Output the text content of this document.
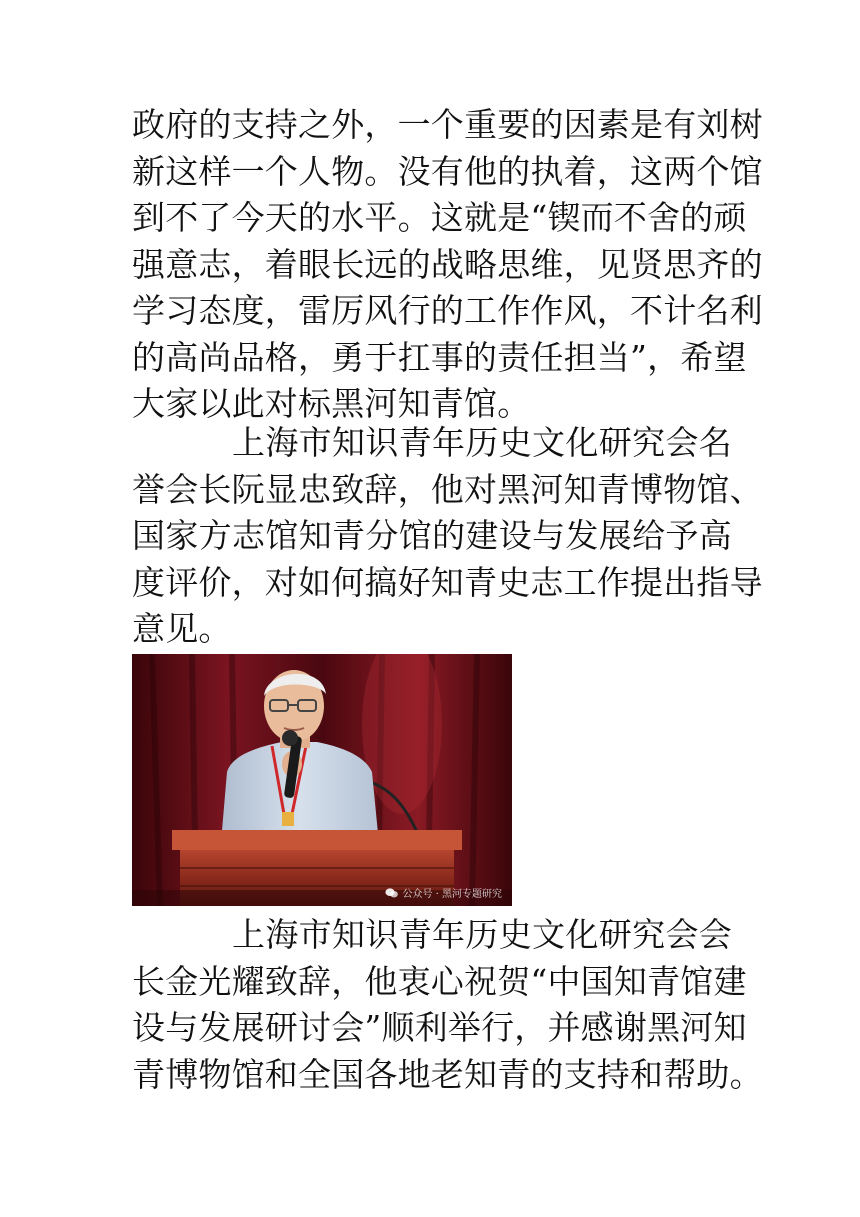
政府的支持之外，一个重要的因素是有刘树
新这样一个人物。没有他的执着，这两个馆
到不了今天的水平。这就是“锲而不舍的顽
强意志，着眼长远的战略思维，见贤思齐的
学习态度，雷厉风行的工作作风，不计名利
的高尚品格，勇于扛事的责任担当”，希望
大家以此对标黑河知青馆。

上海市知识青年历史文化研究会名
誉会长阮显忠致辞，他对黑河知青博物馆、
国家方志馆知青分馆的建设与发展给予高
度评价，对如何搞好知青史志工作提出指导
意见。

公众号 · 黑河专题研究

上海市知识青年历史文化研究会会
长金光耀致辞，他衷心祝贺“中国知青馆建
设与发展研讨会”顺利举行，并感谢黑河知
青博物馆和全国各地老知青的支持和帮助。
